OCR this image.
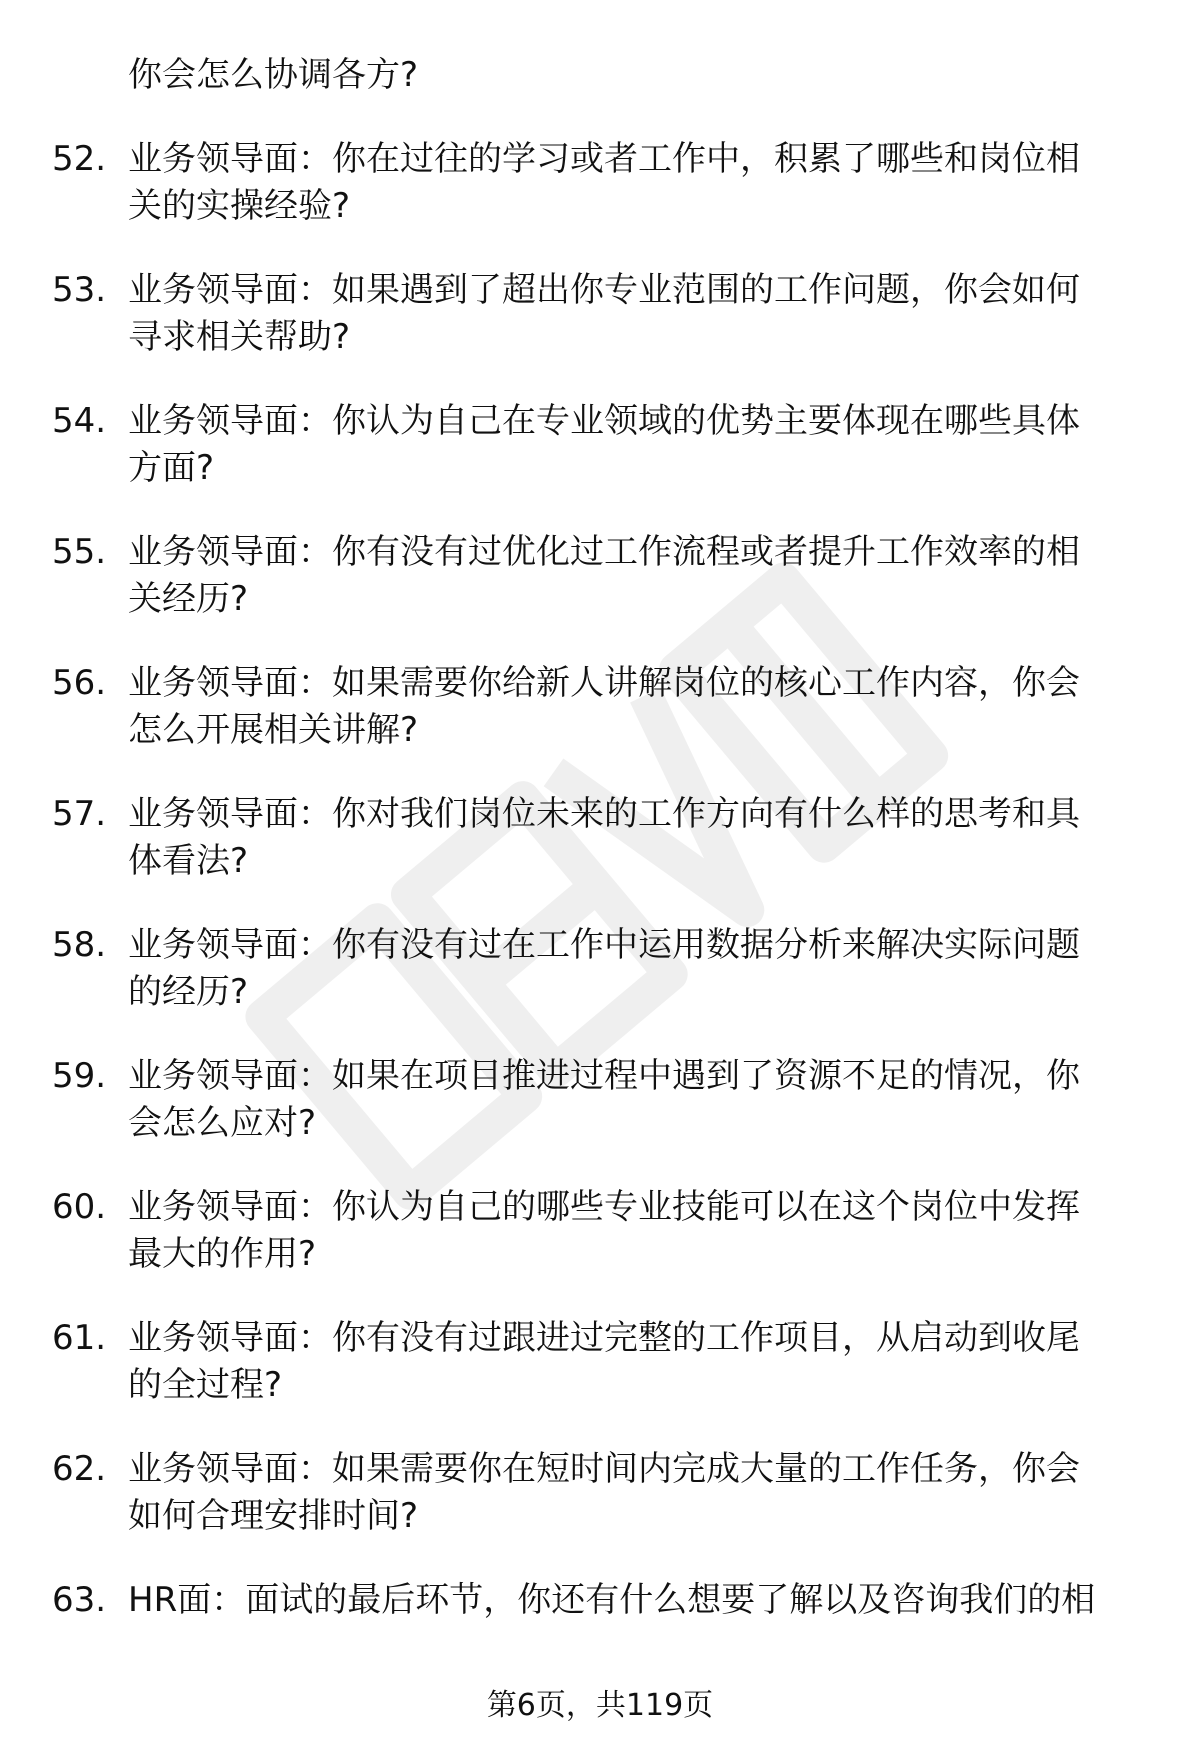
你会怎么协调各方?
52. 业务领导面：你在过往的学习或者工作中，积累了哪些和岗位相
关的实操经验?
53. 业务领导面：如果遇到了超出你专业范围的工作问题，你会如何
寻求相关帮助?
54. 业务领导面：你认为自己在专业领域的优势主要体现在哪些具体
方面?
55. 业务领导面：你有没有过优化过工作流程或者提升工作效率的相
关经历?
56. 业务领导面：如果需要你给新人讲解岗位的核心工作内容，你会
怎么开展相关讲解?
57. 业务领导面：你对我们岗位未来的工作方向有什么样的思考和具
体看法?
58. 业务领导面：你有没有过在工作中运用数据分析来解决实际问题
的经历?
59. 业务领导面：如果在项目推进过程中遇到了资源不足的情况，你
会怎么应对?
60. 业务领导面：你认为自己的哪些专业技能可以在这个岗位中发挥
最大的作用?
61. 业务领导面：你有没有过跟进过完整的工作项目，从启动到收尾
的全过程?
62. 业务领导面：如果需要你在短时间内完成大量的工作任务，你会
如何合理安排时间?
63. HR面：面试的最后环节，你还有什么想要了解以及咨询我们的相
第6页，共119页
